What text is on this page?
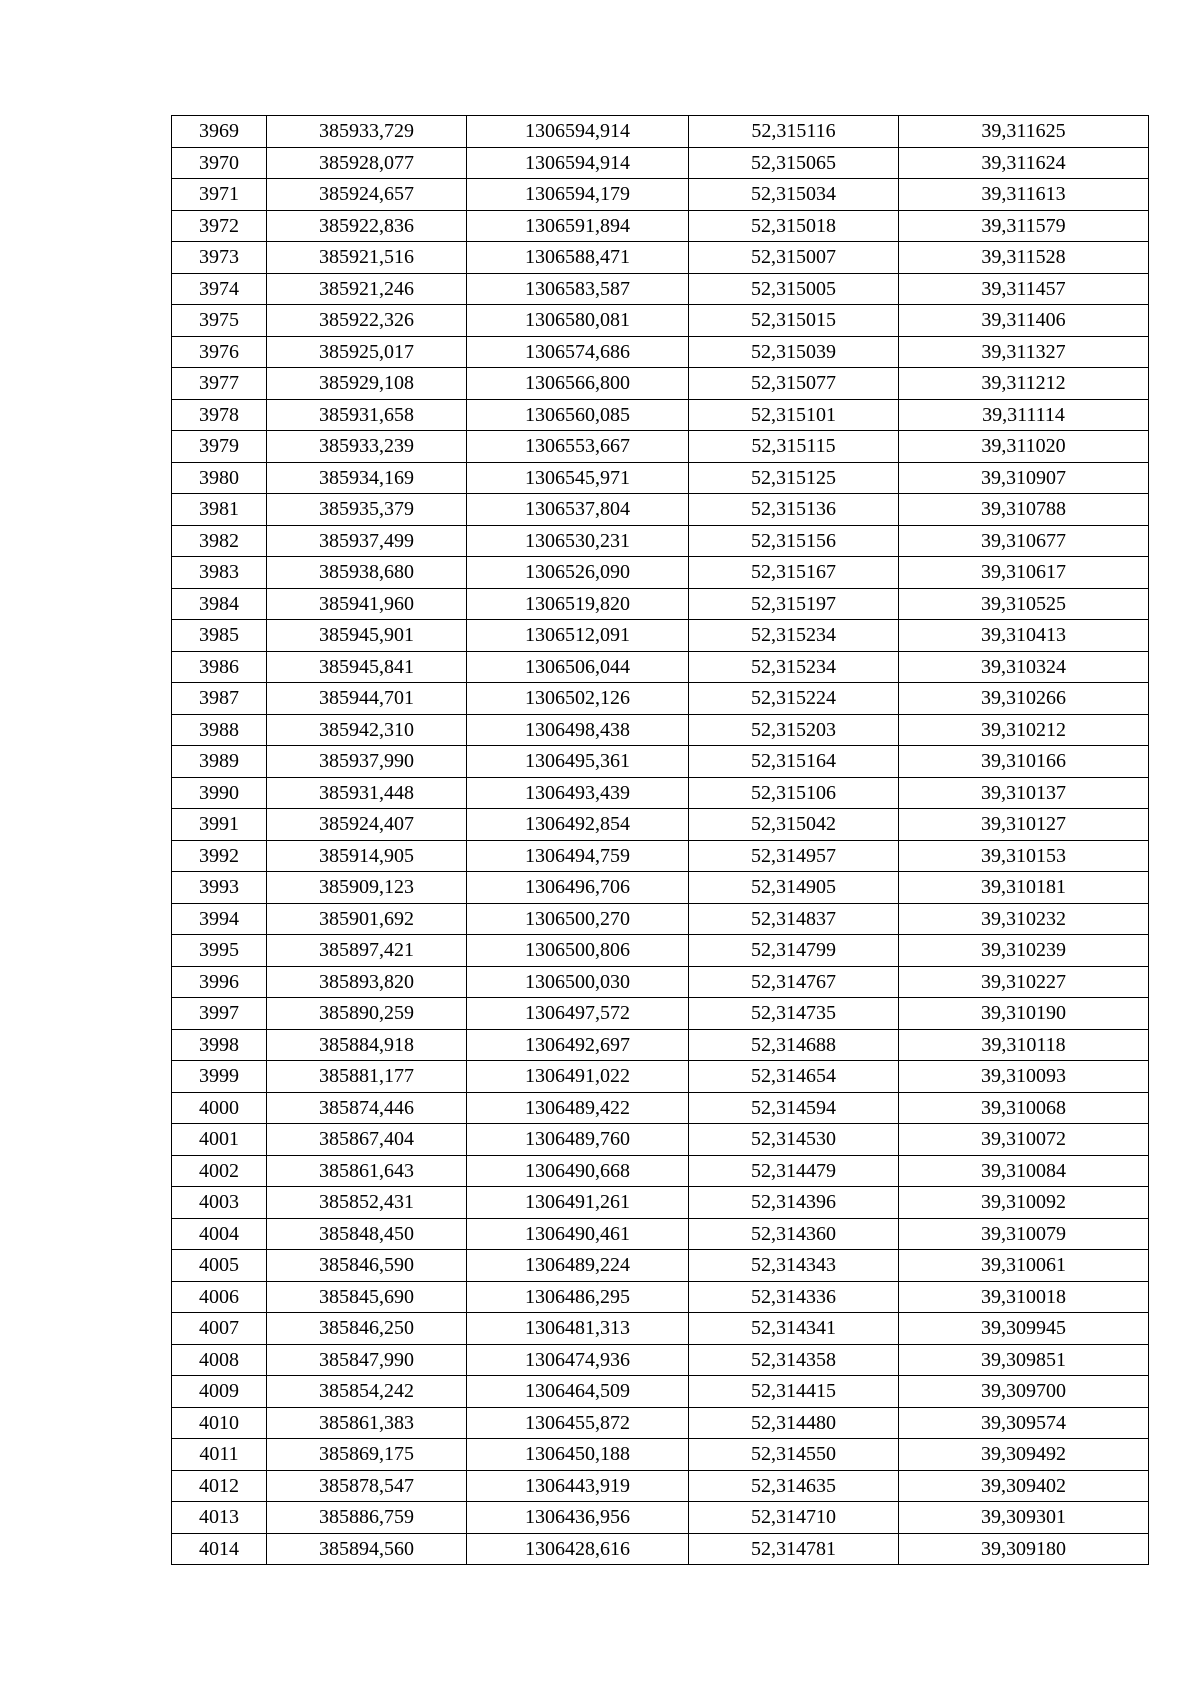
3969	385933,729	1306594,914	52,315116	39,311625
3970	385928,077	1306594,914	52,315065	39,311624
3971	385924,657	1306594,179	52,315034	39,311613
3972	385922,836	1306591,894	52,315018	39,311579
3973	385921,516	1306588,471	52,315007	39,311528
3974	385921,246	1306583,587	52,315005	39,311457
3975	385922,326	1306580,081	52,315015	39,311406
3976	385925,017	1306574,686	52,315039	39,311327
3977	385929,108	1306566,800	52,315077	39,311212
3978	385931,658	1306560,085	52,315101	39,311114
3979	385933,239	1306553,667	52,315115	39,311020
3980	385934,169	1306545,971	52,315125	39,310907
3981	385935,379	1306537,804	52,315136	39,310788
3982	385937,499	1306530,231	52,315156	39,310677
3983	385938,680	1306526,090	52,315167	39,310617
3984	385941,960	1306519,820	52,315197	39,310525
3985	385945,901	1306512,091	52,315234	39,310413
3986	385945,841	1306506,044	52,315234	39,310324
3987	385944,701	1306502,126	52,315224	39,310266
3988	385942,310	1306498,438	52,315203	39,310212
3989	385937,990	1306495,361	52,315164	39,310166
3990	385931,448	1306493,439	52,315106	39,310137
3991	385924,407	1306492,854	52,315042	39,310127
3992	385914,905	1306494,759	52,314957	39,310153
3993	385909,123	1306496,706	52,314905	39,310181
3994	385901,692	1306500,270	52,314837	39,310232
3995	385897,421	1306500,806	52,314799	39,310239
3996	385893,820	1306500,030	52,314767	39,310227
3997	385890,259	1306497,572	52,314735	39,310190
3998	385884,918	1306492,697	52,314688	39,310118
3999	385881,177	1306491,022	52,314654	39,310093
4000	385874,446	1306489,422	52,314594	39,310068
4001	385867,404	1306489,760	52,314530	39,310072
4002	385861,643	1306490,668	52,314479	39,310084
4003	385852,431	1306491,261	52,314396	39,310092
4004	385848,450	1306490,461	52,314360	39,310079
4005	385846,590	1306489,224	52,314343	39,310061
4006	385845,690	1306486,295	52,314336	39,310018
4007	385846,250	1306481,313	52,314341	39,309945
4008	385847,990	1306474,936	52,314358	39,309851
4009	385854,242	1306464,509	52,314415	39,309700
4010	385861,383	1306455,872	52,314480	39,309574
4011	385869,175	1306450,188	52,314550	39,309492
4012	385878,547	1306443,919	52,314635	39,309402
4013	385886,759	1306436,956	52,314710	39,309301
4014	385894,560	1306428,616	52,314781	39,309180
